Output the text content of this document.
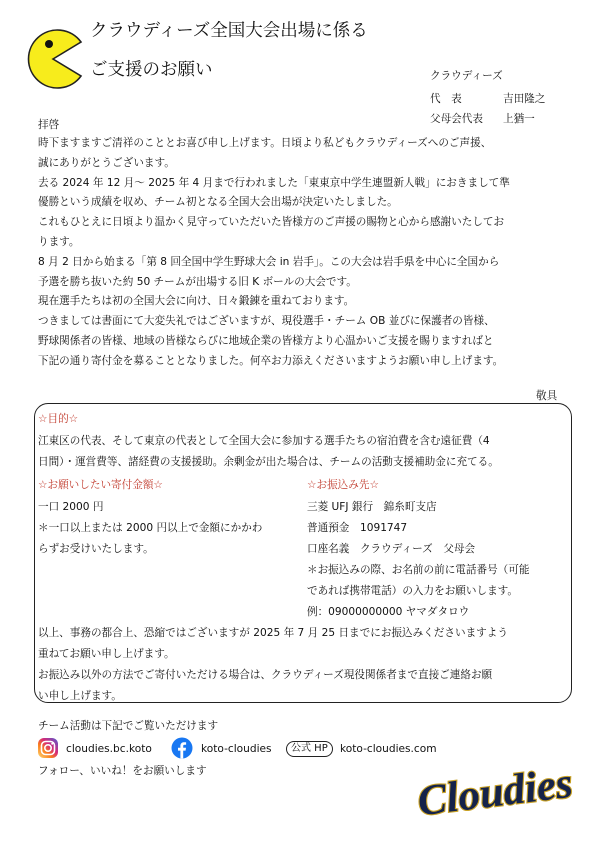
クラウディーズ全国大会出場に係る
ご支援のお願い	クラウディーズ
代　表	吉田隆之
父母会代表 上猶一
拝啓
時下ますますご清祥のこととお喜び申し上げます。日頃より私どもクラウディーズへのご声援、
誠にありがとうございます。
去る 2024 年 12 月～ 2025 年 4 月まで行われました「東東京中学生連盟新人戦」におきまして準
優勝という成績を収め、チーム初となる全国大会出場が決定いたしました。
これもひとえに日頃より温かく見守っていただいた皆様方のご声援の賜物と心から感謝いたしてお
ります。
8 月 2 日から始まる「第 8 回全国中学生野球大会 in 岩手」。この大会は岩手県を中心に全国から
予選を勝ち抜いた約 50 チームが出場する旧 K ボールの大会です。
現在選手たちは初の全国大会に向け、日々鍛錬を重ねております。
つきましては書面にて大変失礼ではございますが、現役選手・チーム OB 並びに保護者の皆様、
野球関係者の皆様、地域の皆様ならびに地域企業の皆様方より心温かいご支援を賜りますればと
下記の通り寄付金を募ることとなりました。何卒お力添えくださいますようお願い申し上げます。
敬具
☆目的☆
江東区の代表、そして東京の代表として全国大会に参加する選手たちの宿泊費を含む遠征費（4
日間）・運営費等、諸経費の支援援助。余剰金が出た場合は、チームの活動支援補助金に充てる。
☆お願いしたい寄付金額☆
一口 2000 円
＊一口以上または 2000 円以上で金額にかかわ
らずお受けいたします。
☆お振込み先☆
三菱 UFJ 銀行　錦糸町支店
普通預金　1091747
口座名義　クラウディーズ　父母会
＊お振込みの際、お名前の前に電話番号（可能
であれば携帯電話）の入力をお願いします。
例：09000000000 ヤマダタロウ
以上、事務の都合上、恐縮ではございますが 2025 年 7 月 25 日までにお振込みくださいますよう
重ねてお願い申し上げます。
お振込み以外の方法でご寄付いただける場合は、クラウディーズ現役関係者まで直接ご連絡お願
い申し上げます。
チーム活動は下記でご覧いただけます
cloudies.bc.koto	koto-cloudies	公式 HP	koto-cloudies.com
フォロー、いいね！をお願いします	Cloudies
